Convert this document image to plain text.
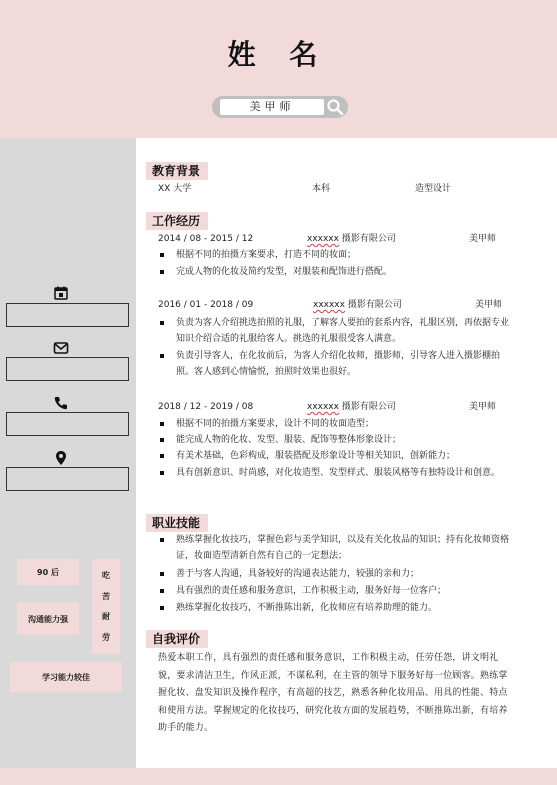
姓 名
美甲师
90 后
沟通能力强
吃
苦
耐
劳
学习能力较佳
教育背景
XX 大学	本科	造型设计
工作经历
2014 / 08 - 2015 / 12	xxxxxx 摄影有限公司	美甲师
根据不同的拍摄方案要求，打造不同的妆面；
完成人物的化妆及简约发型，对服装和配饰进行搭配。
2016 / 01 - 2018 / 09	xxxxxx 摄影有限公司	美甲师
负责为客人介绍挑选拍照的礼服，了解客人要拍的套系内容，礼服区别，再依据专业知识介绍合适的礼服给客人。挑选的礼服很受客人满意。
负责引导客人，在化妆前后，为客人介绍化妆师，摄影师，引导客人进入摄影棚拍照。客人感到心情愉悦，拍照时效果也很好。
2018 / 12 - 2019 / 08	xxxxxx 摄影有限公司	美甲师
根据不同的拍摄方案要求，设计不同的妆面造型；
能完成人物的化妆、发型、服装、配饰等整体形象设计；
有美术基础，色彩构成，服装搭配及形象设计等相关知识，创新能力；
具有创新意识、时尚感，对化妆造型、发型样式、服装风格等有独特设计和创意。
职业技能
熟练掌握化妆技巧，掌握色彩与美学知识，以及有关化妆品的知识；持有化妆师资格证，妆面造型清新自然有自己的一定想法；
善于与客人沟通，具备较好的沟通表达能力，较强的亲和力；
具有强烈的责任感和服务意识，工作积极主动，服务好每一位客户；
熟练掌握化妆技巧，不断推陈出新，化妆师应有培养助理的能力。
自我评价
热爱本职工作，具有强烈的责任感和服务意识，工作积极主动，任劳任怨，讲文明礼貌，要求清洁卫生，作风正派，不谋私利，在主管的领导下服务好每一位顾客。熟练掌握化妆、盘发知识及操作程序，有高超的技艺，熟悉各种化妆用品、用具的性能、特点和使用方法。掌握规定的化妆技巧，研究化妆方面的发展趋势，不断推陈出新，有培养助手的能力。
